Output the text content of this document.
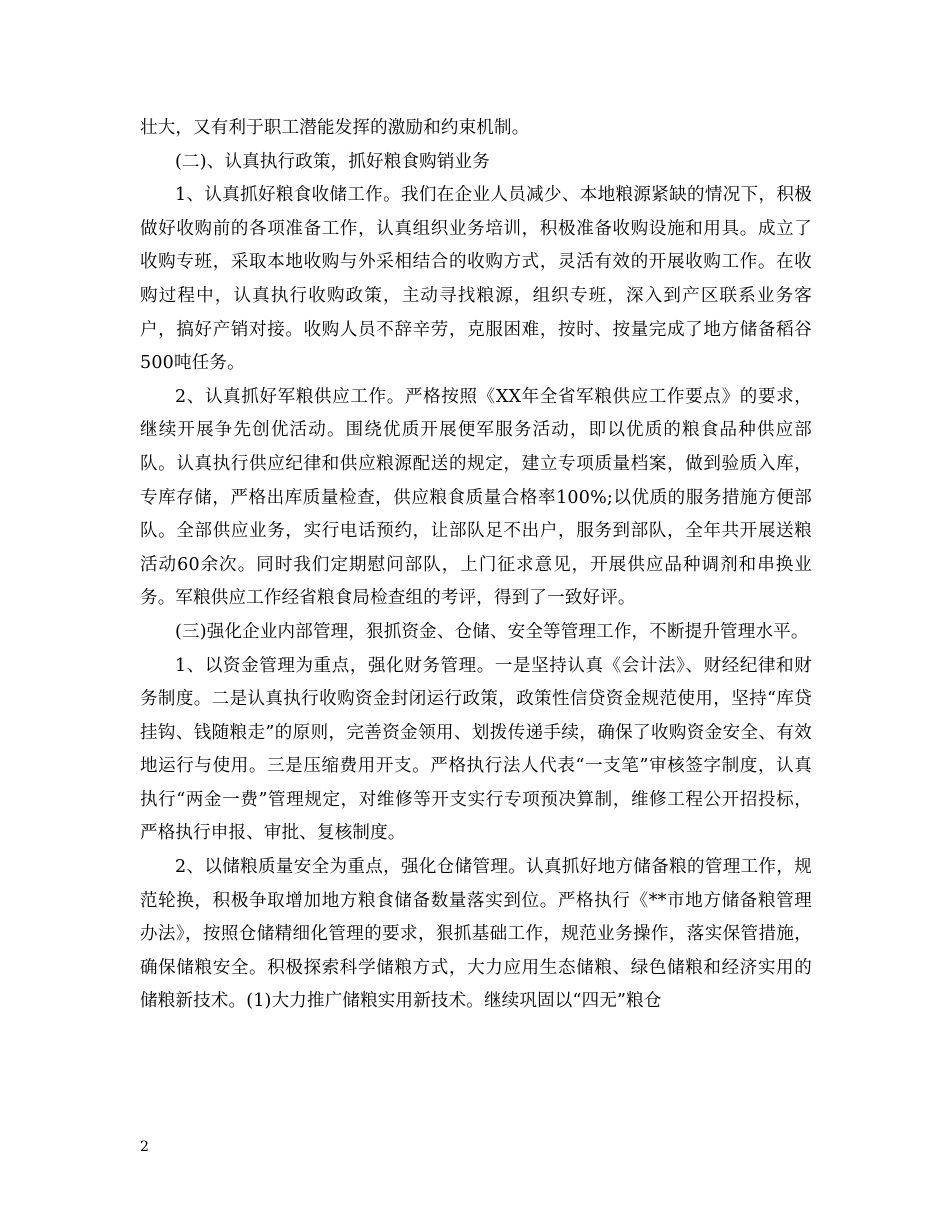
壮大，又有利于职工潜能发挥的激励和约束机制。

(二)、认真执行政策，抓好粮食购销业务

1、认真抓好粮食收储工作。我们在企业人员减少、本地粮源紧缺的情况下，积极做好收购前的各项准备工作，认真组织业务培训，积极准备收购设施和用具。成立了收购专班，采取本地收购与外采相结合的收购方式，灵活有效的开展收购工作。在收购过程中，认真执行收购政策，主动寻找粮源，组织专班，深入到产区联系业务客户，搞好产销对接。收购人员不辞辛劳，克服困难，按时、按量完成了地方储备稻谷500吨任务。

2、认真抓好军粮供应工作。严格按照《XX年全省军粮供应工作要点》的要求，继续开展争先创优活动。围绕优质开展便军服务活动，即以优质的粮食品种供应部队。认真执行供应纪律和供应粮源配送的规定，建立专项质量档案，做到验质入库，专库存储，严格出库质量检查，供应粮食质量合格率100%;以优质的服务措施方便部队。全部供应业务，实行电话预约，让部队足不出户，服务到部队，全年共开展送粮活动60余次。同时我们定期慰问部队，上门征求意见，开展供应品种调剂和串换业务。军粮供应工作经省粮食局检查组的考评，得到了一致好评。

(三)强化企业内部管理，狠抓资金、仓储、安全等管理工作，不断提升管理水平。

1、以资金管理为重点，强化财务管理。一是坚持认真《会计法》、财经纪律和财务制度。二是认真执行收购资金封闭运行政策，政策性信贷资金规范使用，坚持“库贷挂钩、钱随粮走”的原则，完善资金领用、划拨传递手续，确保了收购资金安全、有效地运行与使用。三是压缩费用开支。严格执行法人代表“一支笔”审核签字制度，认真执行“两金一费”管理规定，对维修等开支实行专项预决算制，维修工程公开招投标，严格执行申报、审批、复核制度。

2、以储粮质量安全为重点，强化仓储管理。认真抓好地方储备粮的管理工作，规范轮换，积极争取增加地方粮食储备数量落实到位。严格执行《**市地方储备粮管理办法》，按照仓储精细化管理的要求，狠抓基础工作，规范业务操作，落实保管措施，确保储粮安全。积极探索科学储粮方式，大力应用生态储粮、绿色储粮和经济实用的储粮新技术。(1)大力推广储粮实用新技术。继续巩固以“四无”粮仓

2
